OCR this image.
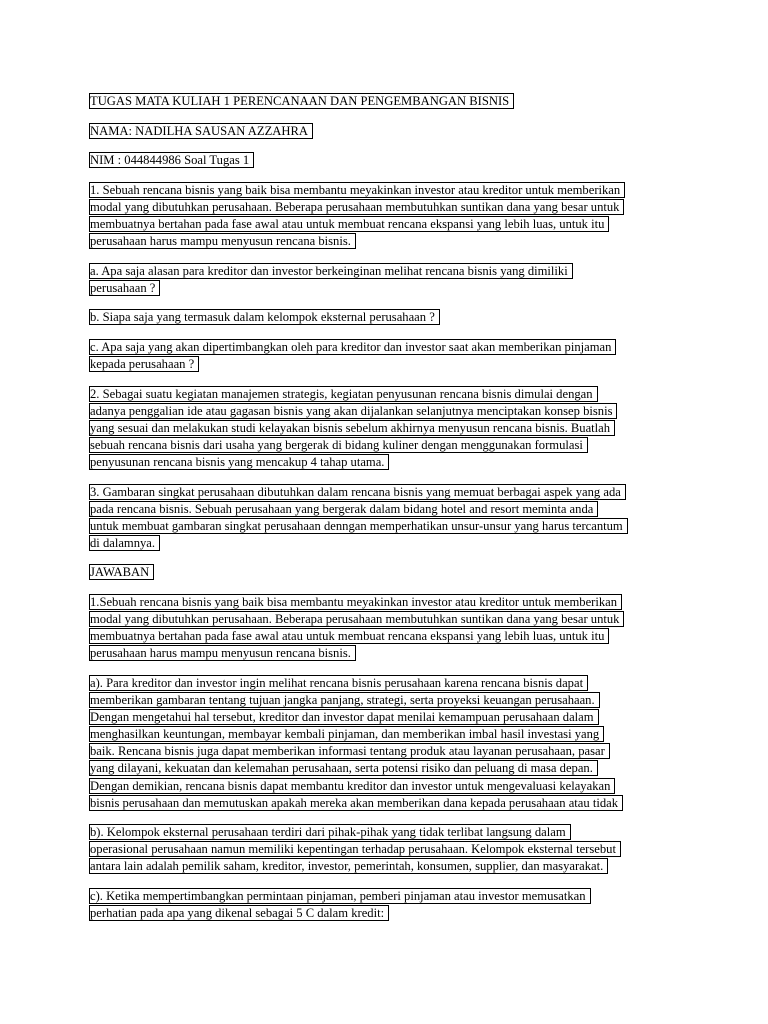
TUGAS MATA KULIAH 1 PERENCANAAN DAN PENGEMBANGAN BISNIS
NAMA: NADILHA SAUSAN AZZAHRA
NIM : 044844986 Soal Tugas 1
1. Sebuah rencana bisnis yang baik bisa membantu meyakinkan investor atau kreditor untuk memberikan
modal yang dibutuhkan perusahaan. Beberapa perusahaan membutuhkan suntikan dana yang besar untuk
membuatnya bertahan pada fase awal atau untuk membuat rencana ekspansi yang lebih luas, untuk itu
perusahaan harus mampu menyusun rencana bisnis.
a. Apa saja alasan para kreditor dan investor berkeinginan melihat rencana bisnis yang dimiliki
perusahaan ?
b. Siapa saja yang termasuk dalam kelompok eksternal perusahaan ?
c. Apa saja yang akan dipertimbangkan oleh para kreditor dan investor saat akan memberikan pinjaman
kepada perusahaan ?
2. Sebagai suatu kegiatan manajemen strategis, kegiatan penyusunan rencana bisnis dimulai dengan
adanya penggalian ide atau gagasan bisnis yang akan dijalankan selanjutnya menciptakan konsep bisnis
yang sesuai dan melakukan studi kelayakan bisnis sebelum akhirnya menyusun rencana bisnis. Buatlah
sebuah rencana bisnis dari usaha yang bergerak di bidang kuliner dengan menggunakan formulasi
penyusunan rencana bisnis yang mencakup 4 tahap utama.
3. Gambaran singkat perusahaan dibutuhkan dalam rencana bisnis yang memuat berbagai aspek yang ada
pada rencana bisnis. Sebuah perusahaan yang bergerak dalam bidang hotel and resort meminta anda
untuk membuat gambaran singkat perusahaan denngan memperhatikan unsur-unsur yang harus tercantum
di dalamnya.
JAWABAN
1.Sebuah rencana bisnis yang baik bisa membantu meyakinkan investor atau kreditor untuk memberikan
modal yang dibutuhkan perusahaan. Beberapa perusahaan membutuhkan suntikan dana yang besar untuk
membuatnya bertahan pada fase awal atau untuk membuat rencana ekspansi yang lebih luas, untuk itu
perusahaan harus mampu menyusun rencana bisnis.
a). Para kreditor dan investor ingin melihat rencana bisnis perusahaan karena rencana bisnis dapat
memberikan gambaran tentang tujuan jangka panjang, strategi, serta proyeksi keuangan perusahaan.
Dengan mengetahui hal tersebut, kreditor dan investor dapat menilai kemampuan perusahaan dalam
menghasilkan keuntungan, membayar kembali pinjaman, dan memberikan imbal hasil investasi yang
baik. Rencana bisnis juga dapat memberikan informasi tentang produk atau layanan perusahaan, pasar
yang dilayani, kekuatan dan kelemahan perusahaan, serta potensi risiko dan peluang di masa depan.
Dengan demikian, rencana bisnis dapat membantu kreditor dan investor untuk mengevaluasi kelayakan
bisnis perusahaan dan memutuskan apakah mereka akan memberikan dana kepada perusahaan atau tidak
b). Kelompok eksternal perusahaan terdiri dari pihak-pihak yang tidak terlibat langsung dalam
operasional perusahaan namun memiliki kepentingan terhadap perusahaan. Kelompok eksternal tersebut
antara lain adalah pemilik saham, kreditor, investor, pemerintah, konsumen, supplier, dan masyarakat.
c). Ketika mempertimbangkan permintaan pinjaman, pemberi pinjaman atau investor memusatkan
perhatian pada apa yang dikenal sebagai 5 C dalam kredit:
